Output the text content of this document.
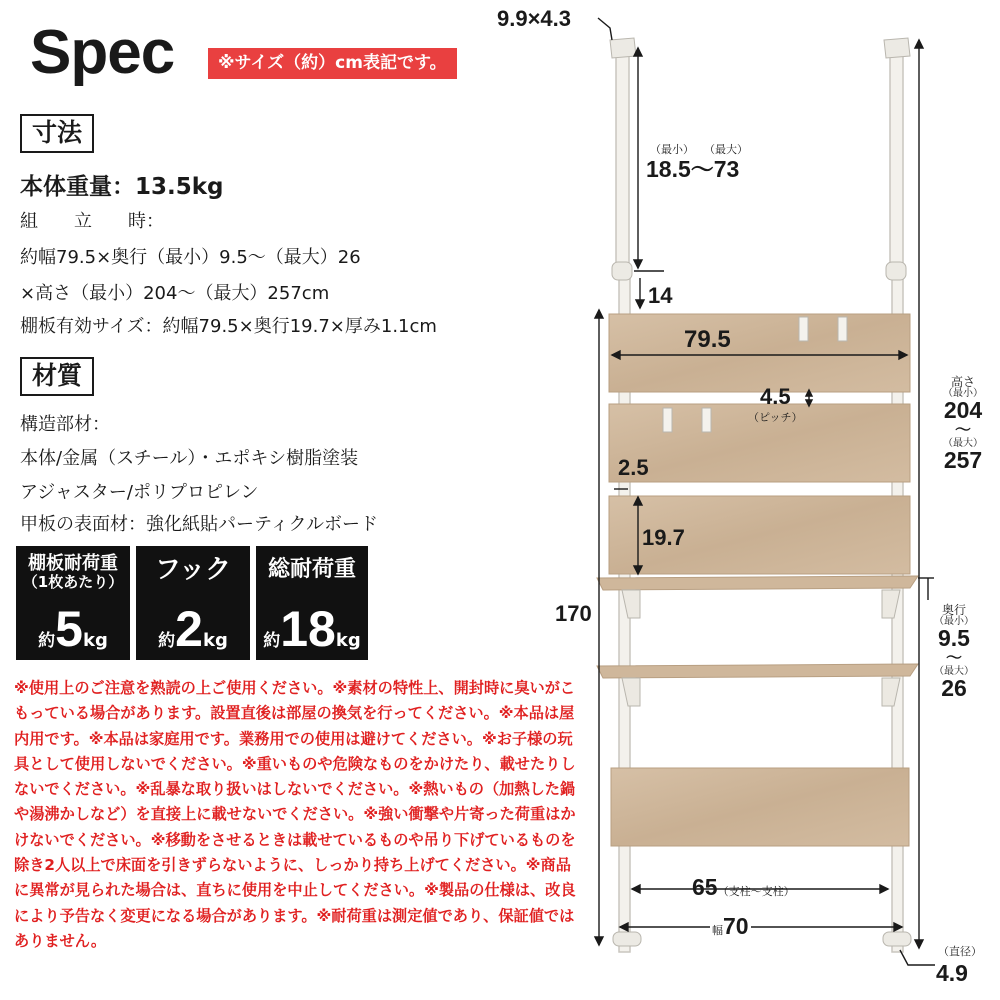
Spec	※サイズ（約）cm表記です。
寸法
本体重量：13.5kg
組　　立　　時：
約幅79.5×奥行（最小）9.5～（最大）26
×高さ（最小）204～（最大）257cm
棚板有効サイズ：約幅79.5×奥行19.7×厚み1.1cm
材質
構造部材：
本体/金属（スチール）・エポキシ樹脂塗装
アジャスター/ポリプロピレン
甲板の表面材：強化紙貼パーティクルボード
棚板耐荷重
（1枚あたり）
約5kg
フック
約2kg
総耐荷重
約18kg
※使用上のご注意を熟読の上ご使用ください。※素材の特性上、開封時に臭いがこもっている場合があります。設置直後は部屋の換気を行ってください。※本品は屋内用です。※本品は家庭用です。業務用での使用は避けてください。※お子様の玩具として使用しないでください。※重いものや危険なものをかけたり、載せたりしないでください。※乱暴な取り扱いはしないでください。※熱いもの（加熱した鍋や湯沸かしなど）を直接上に載せないでください。※強い衝撃や片寄った荷重はかけないでください。※移動をさせるときは載せているものや吊り下げているものを除き2人以上で床面を引きずらないように、しっかり持ち上げてください。※商品に異常が見られた場合は、直ちに使用を中止してください。※製品の仕様は、改良により予告なく変更になる場合があります。※耐荷重は測定値であり、保証値ではありません。
9.9×4.3
（最小） （最大）
18.5～73
14
79.5
4.5
（ピッチ）
2.5
19.7
170
高さ
（最小）
204
～
（最大）
257
奥行
（最小）
9.5
～
（最大）
26
65（支柱～支柱）
幅70
（直径）
4.9
